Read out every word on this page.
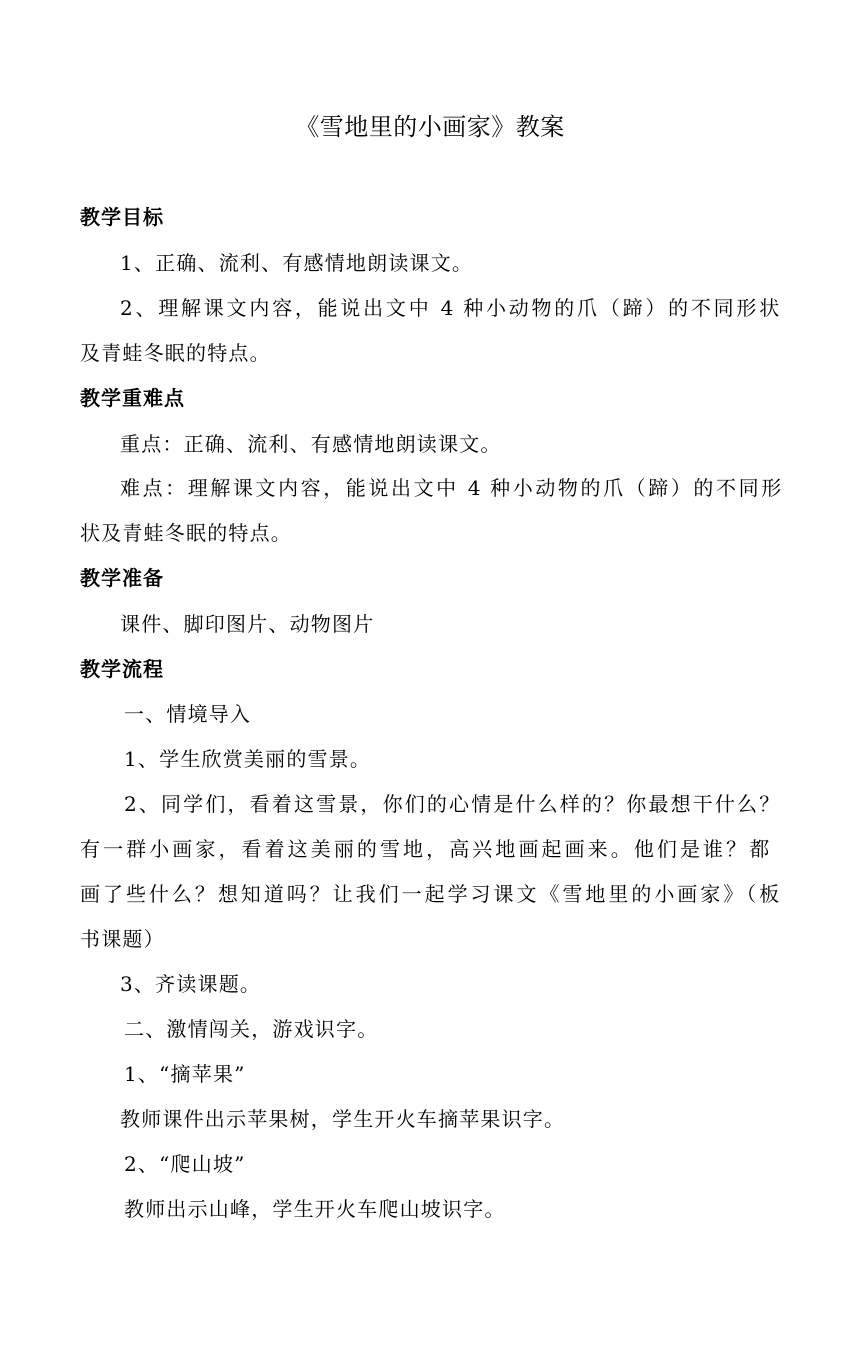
《雪地里的小画家》教案
教学目标
1、正确、流利、有感情地朗读课文。
2、理解课文内容，能说出文中 4 种小动物的爪（蹄）的不同形状
及青蛙冬眠的特点。
教学重难点
重点：正确、流利、有感情地朗读课文。
难点：理解课文内容，能说出文中 4 种小动物的爪（蹄）的不同形
状及青蛙冬眠的特点。
教学准备
课件、脚印图片、动物图片
教学流程
一、情境导入
1、学生欣赏美丽的雪景。
2、同学们，看着这雪景，你们的心情是什么样的？你最想干什么？
有一群小画家，看着这美丽的雪地，高兴地画起画来。他们是谁？都
画了些什么？想知道吗？让我们一起学习课文《雪地里的小画家》（板
书课题）
3、齐读课题。
二、激情闯关，游戏识字。
1、“摘苹果”
教师课件出示苹果树，学生开火车摘苹果识字。
2、“爬山坡”
教师出示山峰，学生开火车爬山坡识字。
